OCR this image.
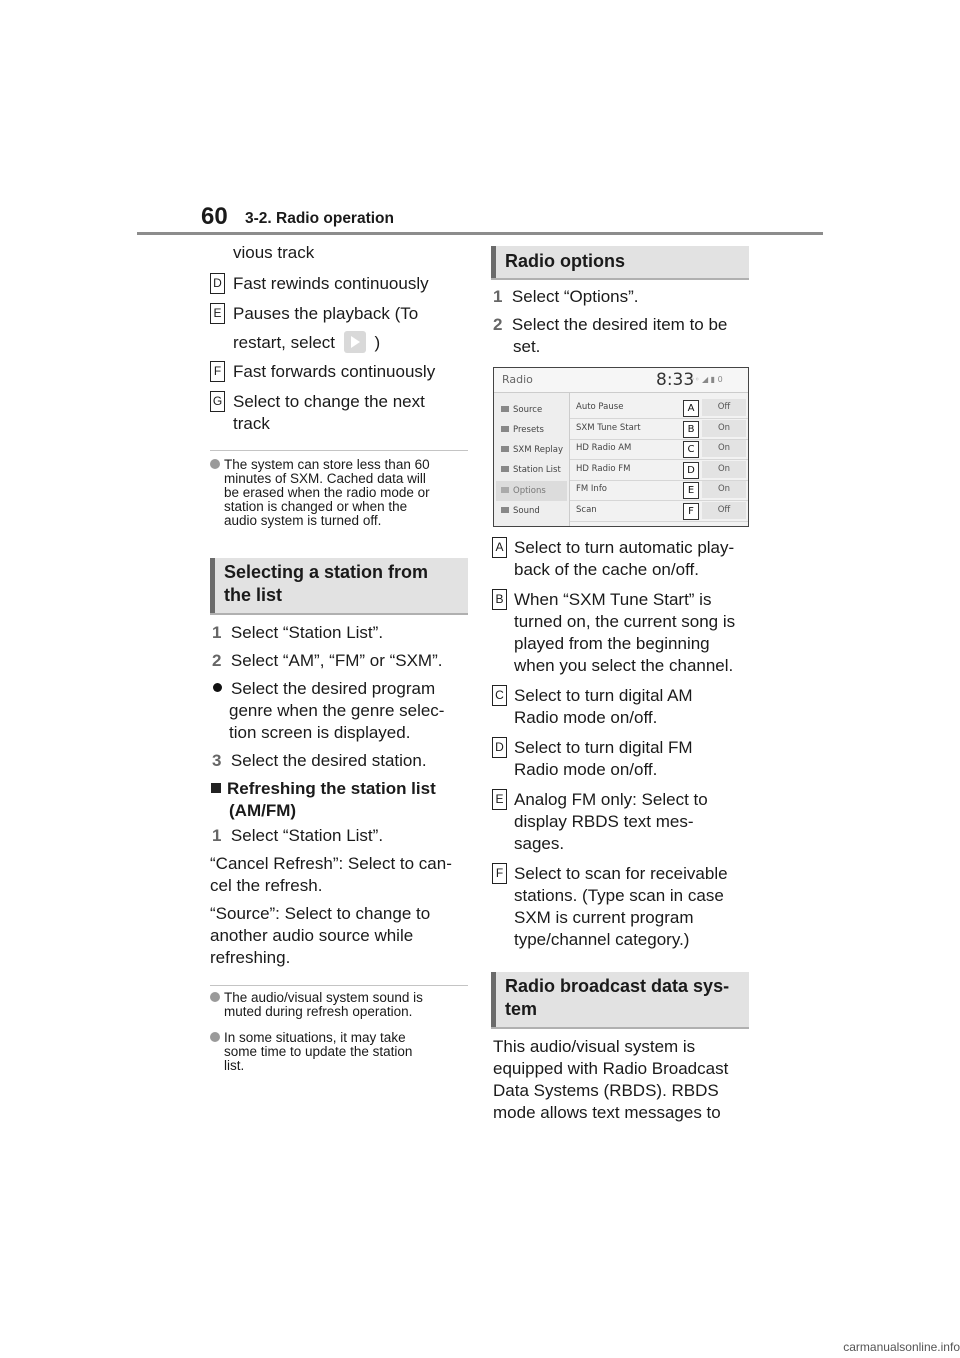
60 3-2. Radio operation
vious track
D Fast rewinds continuously
E Pauses the playback (To
restart, select )
F Fast forwards continuously
G Select to change the next
track
The system can store less than 60
minutes of SXM. Cached data will
be erased when the radio mode or
station is changed or when the
audio system is turned off.
Selecting a station from
the list
1 Select “Station List”.
2 Select “AM”, “FM” or “SXM”.
Select the desired program
genre when the genre selec-
tion screen is displayed.
3 Select the desired station.
Refreshing the station list
(AM/FM)
1 Select “Station List”.
“Cancel Refresh”: Select to can-
cel the refresh.
“Source”: Select to change to
another audio source while
refreshing.
The audio/visual system sound is
muted during refresh operation.
In some situations, it may take
some time to update the station
list.
Radio options
1 Select “Options”.
2 Select the desired item to be
set.
Radio	8:33
◦◦ ◢ ▮ 0
Source
Presets
SXM Replay
Station List
Options
Sound
Auto Pause	A	Off
SXM Tune Start	B	On
HD Radio AM	C	On
HD Radio FM	D	On
FM Info	E	On
Scan	F	Off
A Select to turn automatic play-
back of the cache on/off.
B When “SXM Tune Start” is
turned on, the current song is
played from the beginning
when you select the channel.
C Select to turn digital AM
Radio mode on/off.
D Select to turn digital FM
Radio mode on/off.
E Analog FM only: Select to
display RBDS text mes-
sages.
F Select to scan for receivable
stations. (Type scan in case
SXM is current program
type/channel category.)
Radio broadcast data sys-
tem
This audio/visual system is
equipped with Radio Broadcast
Data Systems (RBDS). RBDS
mode allows text messages to
carmanualsonline.info
